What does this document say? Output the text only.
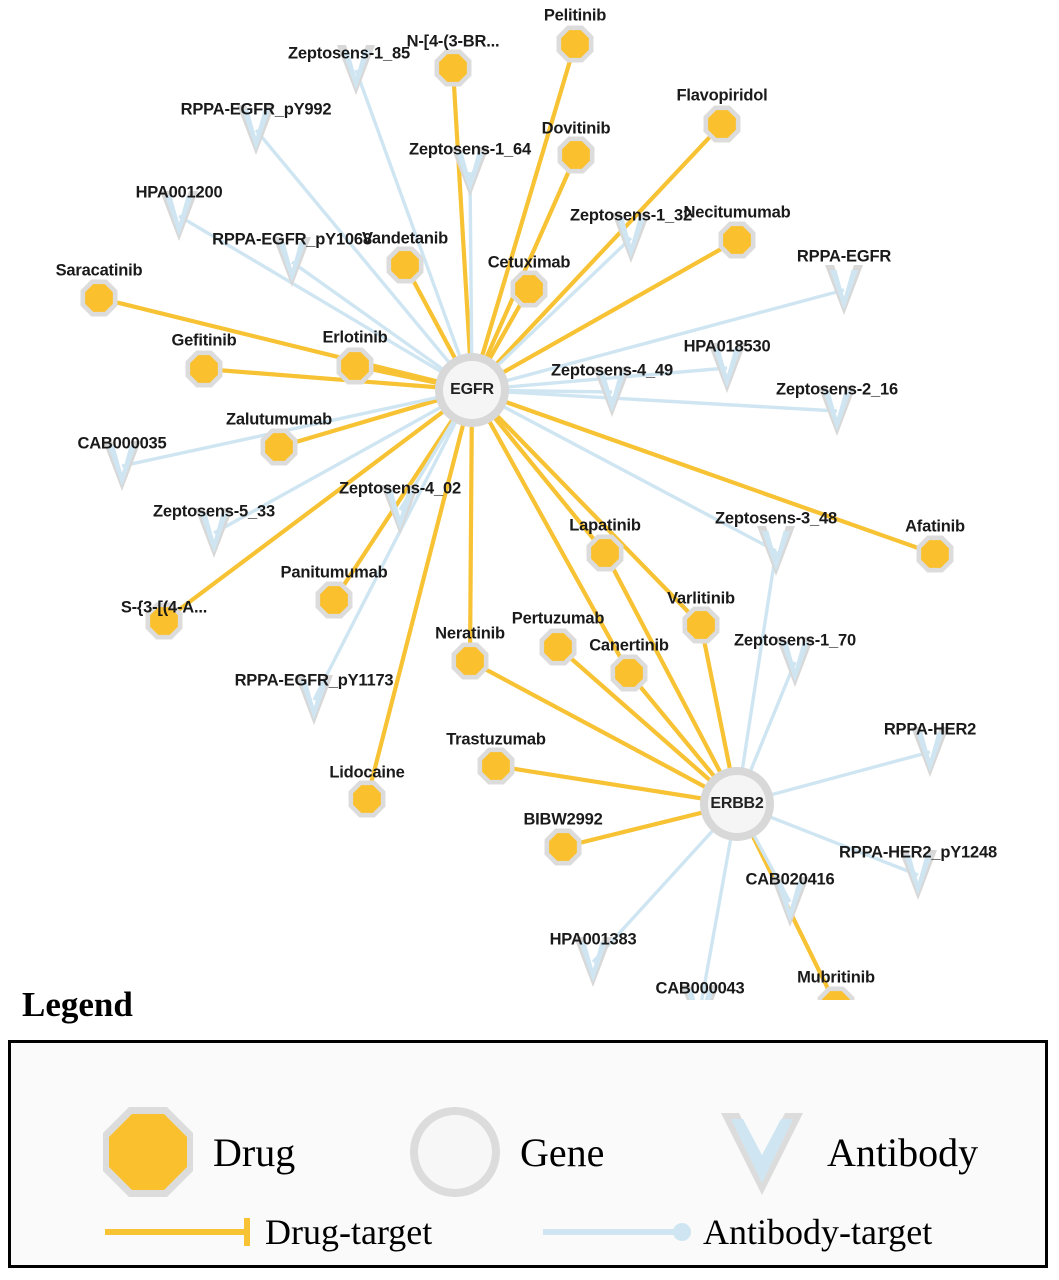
Pelitinib
N-[4-(3-BR...
Flavopiridol
Dovitinib
Necitumumab
Vandetanib
Cetuximab
Saracatinib
Gefitinib	Erlotinib
Zalutumumab
Afatinib
Lapatinib
Panitumumab
S-{3-[(4-A...	Varlitinib
Neratinib
Pertuzumab
Canertinib
Trastuzumab
Lidocaine
BIBW2992
Mubritinib
Zeptosens-1_85
RPPA-EGFR_pY992
Zeptosens-1_64
HPA001200
Zeptosens-1_32
RPPA-EGFR_pY1068
RPPA-EGFR
HPA018530
Zeptosens-4_49
Zeptosens-2_16
CAB000035
Zeptosens-4_02
Zeptosens-5_33	Zeptosens-3_48
RPPA-EGFR_pY1173
Zeptosens-1_70
RPPA-HER2
RPPA-HER2_pY1248
CAB020416
HPA001383
CAB000043
EGFR
ERBB2
Legend
Drug	Gene	Antibody
Drug-target	Antibody-target
